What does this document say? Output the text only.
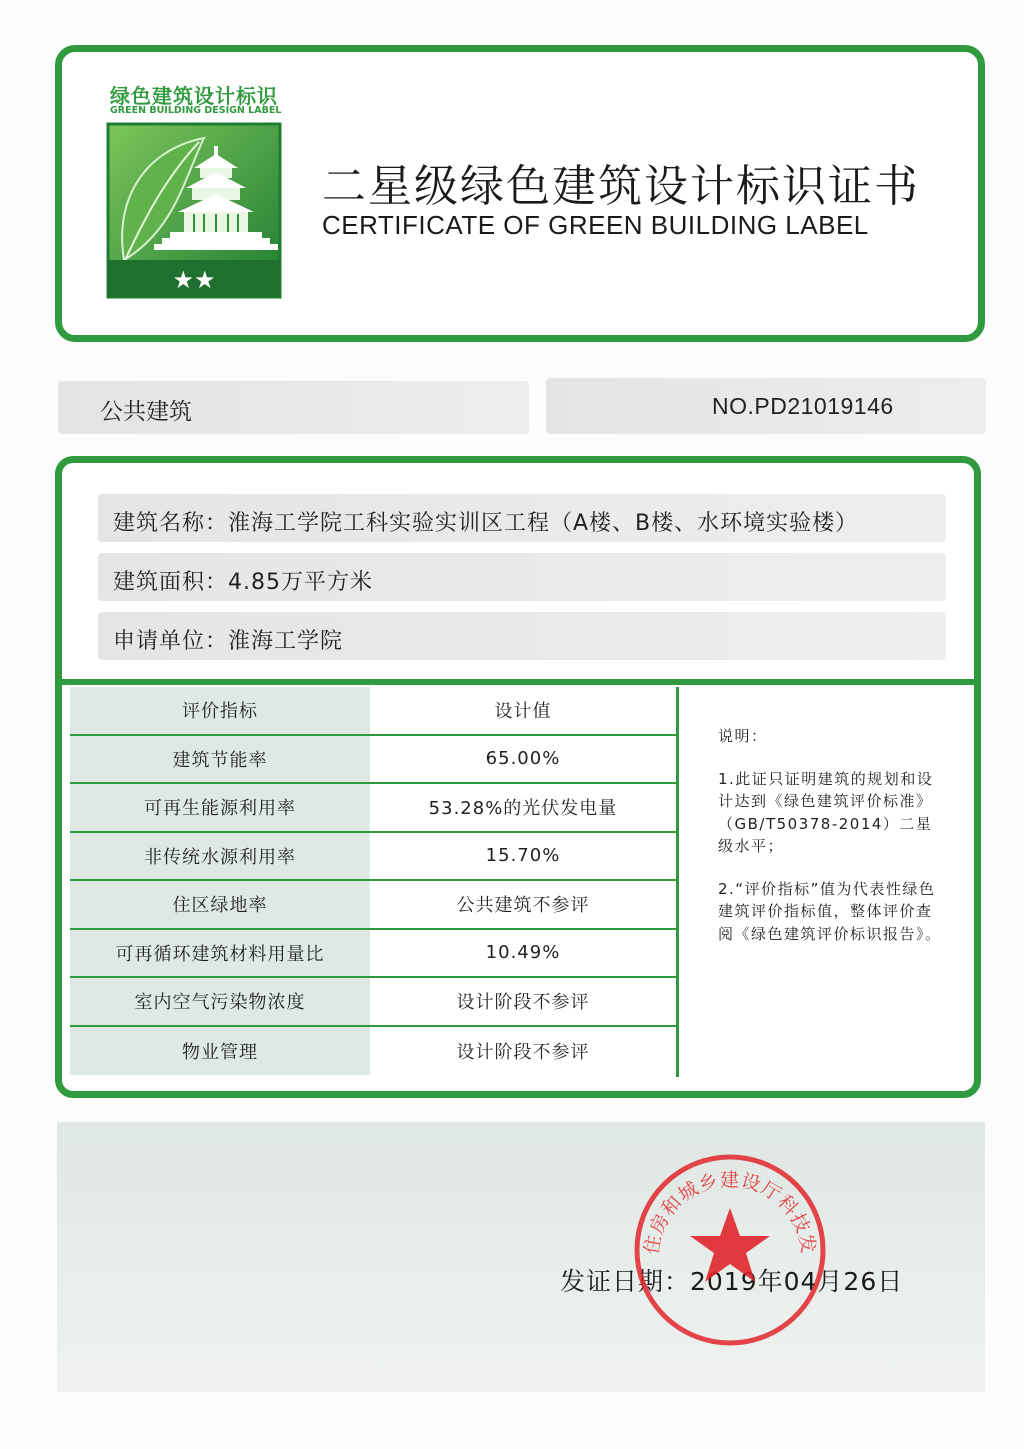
绿色建筑设计标识
GREEN BUILDING DESIGN LABEL
★★
二星级绿色建筑设计标识证书
CERTIFICATE OF GREEN BUILDING LABEL
公共建筑	NO.PD21019146
建筑名称：淮海工学院工科实验实训区工程（A楼、B楼、水环境实验楼）
建筑面积：4.85万平方米
申请单位：淮海工学院
评价指标	设计值
建筑节能率	65.00%
可再生能源利用率	53.28%的光伏发电量
非传统水源利用率	15.70%
住区绿地率	公共建筑不参评
可再循环建筑材料用量比	10.49%
室内空气污染物浓度	设计阶段不参评
物业管理	设计阶段不参评

说明：

1.此证只证明建筑的规划和设计达到《绿色建筑评价标准》（GB/T50378-2014）二星级水平；

2.“评价指标”值为代表性绿色建筑评价指标值，整体评价查阅《绿色建筑评价标识报告》。

发证日期：2019年04月26日
住房和城乡建设厅科技发
